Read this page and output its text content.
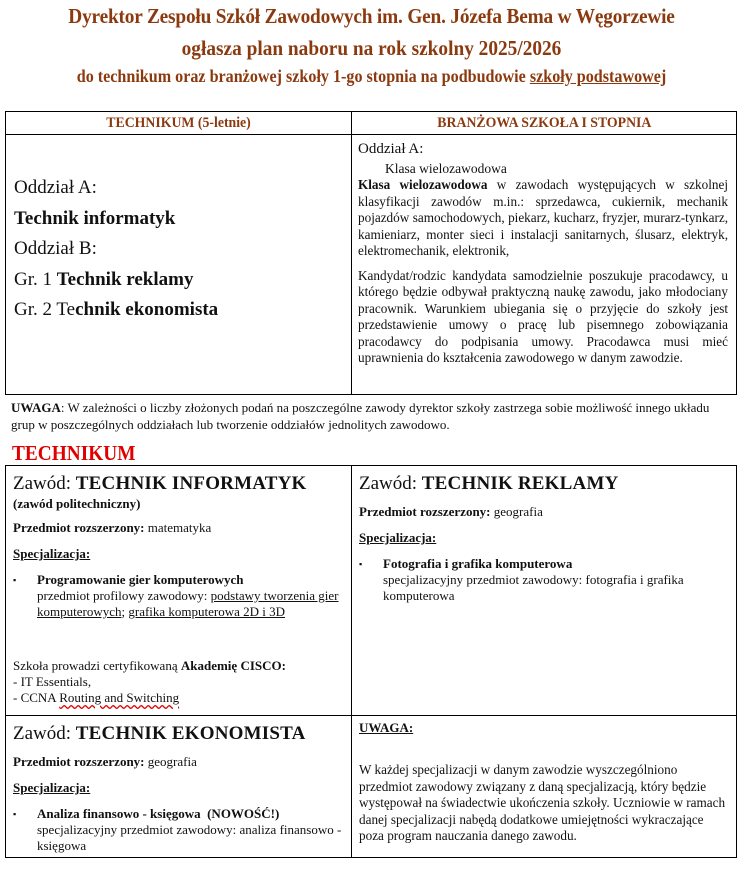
Dyrektor Zespołu Szkół Zawodowych im. Gen. Józefa Bema w Węgorzewie
ogłasza plan naboru na rok szkolny 2025/2026
do technikum oraz branżowej szkoły 1-go stopnia na podbudowie szkoły podstawowej
TECHNIKUM (5-letnie)	BRANŻOWA SZKOŁA I STOPNIA

Oddział A:
Technik informatyk
Oddział B:
Gr. 1 Technik reklamy
Gr. 2 Technik ekonomista

Oddział A:
Klasa wielozawodowa

Klasa wielozawodowa w zawodach występujących w szkolnej klasyfikacji zawodów m.in.: sprzedawca, cukiernik, mechanik pojazdów samochodowych, piekarz, kucharz, fryzjer, murarz-tynkarz, kamieniarz, monter sieci i instalacji sanitarnych, ślusarz, elektryk, elektromechanik, elektronik,

Kandydat/rodzic kandydata samodzielnie poszukuje pracodawcy, u którego będzie odbywał praktyczną naukę zawodu, jako młodociany pracownik. Warunkiem ubiegania się o przyjęcie do szkoły jest przedstawienie umowy o pracę lub pisemnego zobowiązania pracodawcy do podpisania umowy. Pracodawca musi mieć uprawnienia do kształcenia zawodowego w danym zawodzie.

UWAGA: W zależności o liczby złożonych podań na poszczególne zawody dyrektor szkoły zastrzega sobie możliwość innego układu grup w poszczególnych oddziałach lub tworzenie oddziałów jednolitych zawodowo.
TECHNIKUM
Zawód: TECHNIK INFORMATYK
(zawód politechniczny)
Przedmiot rozszerzony: matematyka
Specjalizacja:
▪	Programowanie gier komputerowych
przedmiot profilowy zawodowy: podstawy tworzenia gier komputerowych; grafika komputerowa 2D i 3D
Szkoła prowadzi certyfikowaną Akademię CISCO:
- IT Essentials,
- CCNA Routing and Switching

Zawód: TECHNIK REKLAMY
Przedmiot rozszerzony: geografia
Specjalizacja:
▪	Fotografia i grafika komputerowa
specjalizacyjny przedmiot zawodowy: fotografia i grafika komputerowa

Zawód: TECHNIK EKONOMISTA
Przedmiot rozszerzony: geografia
Specjalizacja:
▪	Analiza finansowo - księgowa  (NOWOŚĆ!)
specjalizacyjny przedmiot zawodowy: analiza finansowo - księgowa

UWAGA:
W każdej specjalizacji w danym zawodzie wyszczególniono przedmiot zawodowy związany z daną specjalizacją, który będzie występował na świadectwie ukończenia szkoły. Uczniowie w ramach danej specjalizacji nabędą dodatkowe umiejętności wykraczające poza program nauczania danego zawodu.
